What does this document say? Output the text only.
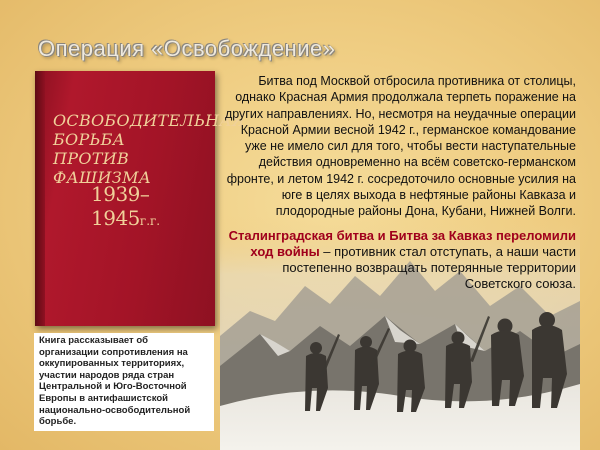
Операция «Освобождение»
ОСВОБОДИТЕЛЬНАЯ
БОРЬБА
ПРОТИВ
ФАШИЗМА
1939–1945г.г.
Книга рассказывает об организации сопротивления на оккупированных территориях, участии народов ряда стран Центральной и Юго-Восточной Европы в антифашистской национально-освободительной борьбе.

Битва под Москвой отбросила противника от столицы, однако Красная Армия продолжала терпеть поражение на других направлениях. Но, несмотря на неудачные операции Красной Армии весной 1942 г., германское командование уже не имело сил для того, чтобы вести наступательные действия одновременно на всём советско-германском фронте, и летом 1942 г. сосредоточило основные усилия на юге в целях выхода в нефтяные районы Кавказа и плодородные районы Дона, Кубани, Нижней Волги.

Сталинградская битва и Битва за Кавказ переломили ход войны – противник стал отступать, а наши части постепенно возвращать потерянные территории Советского союза.
